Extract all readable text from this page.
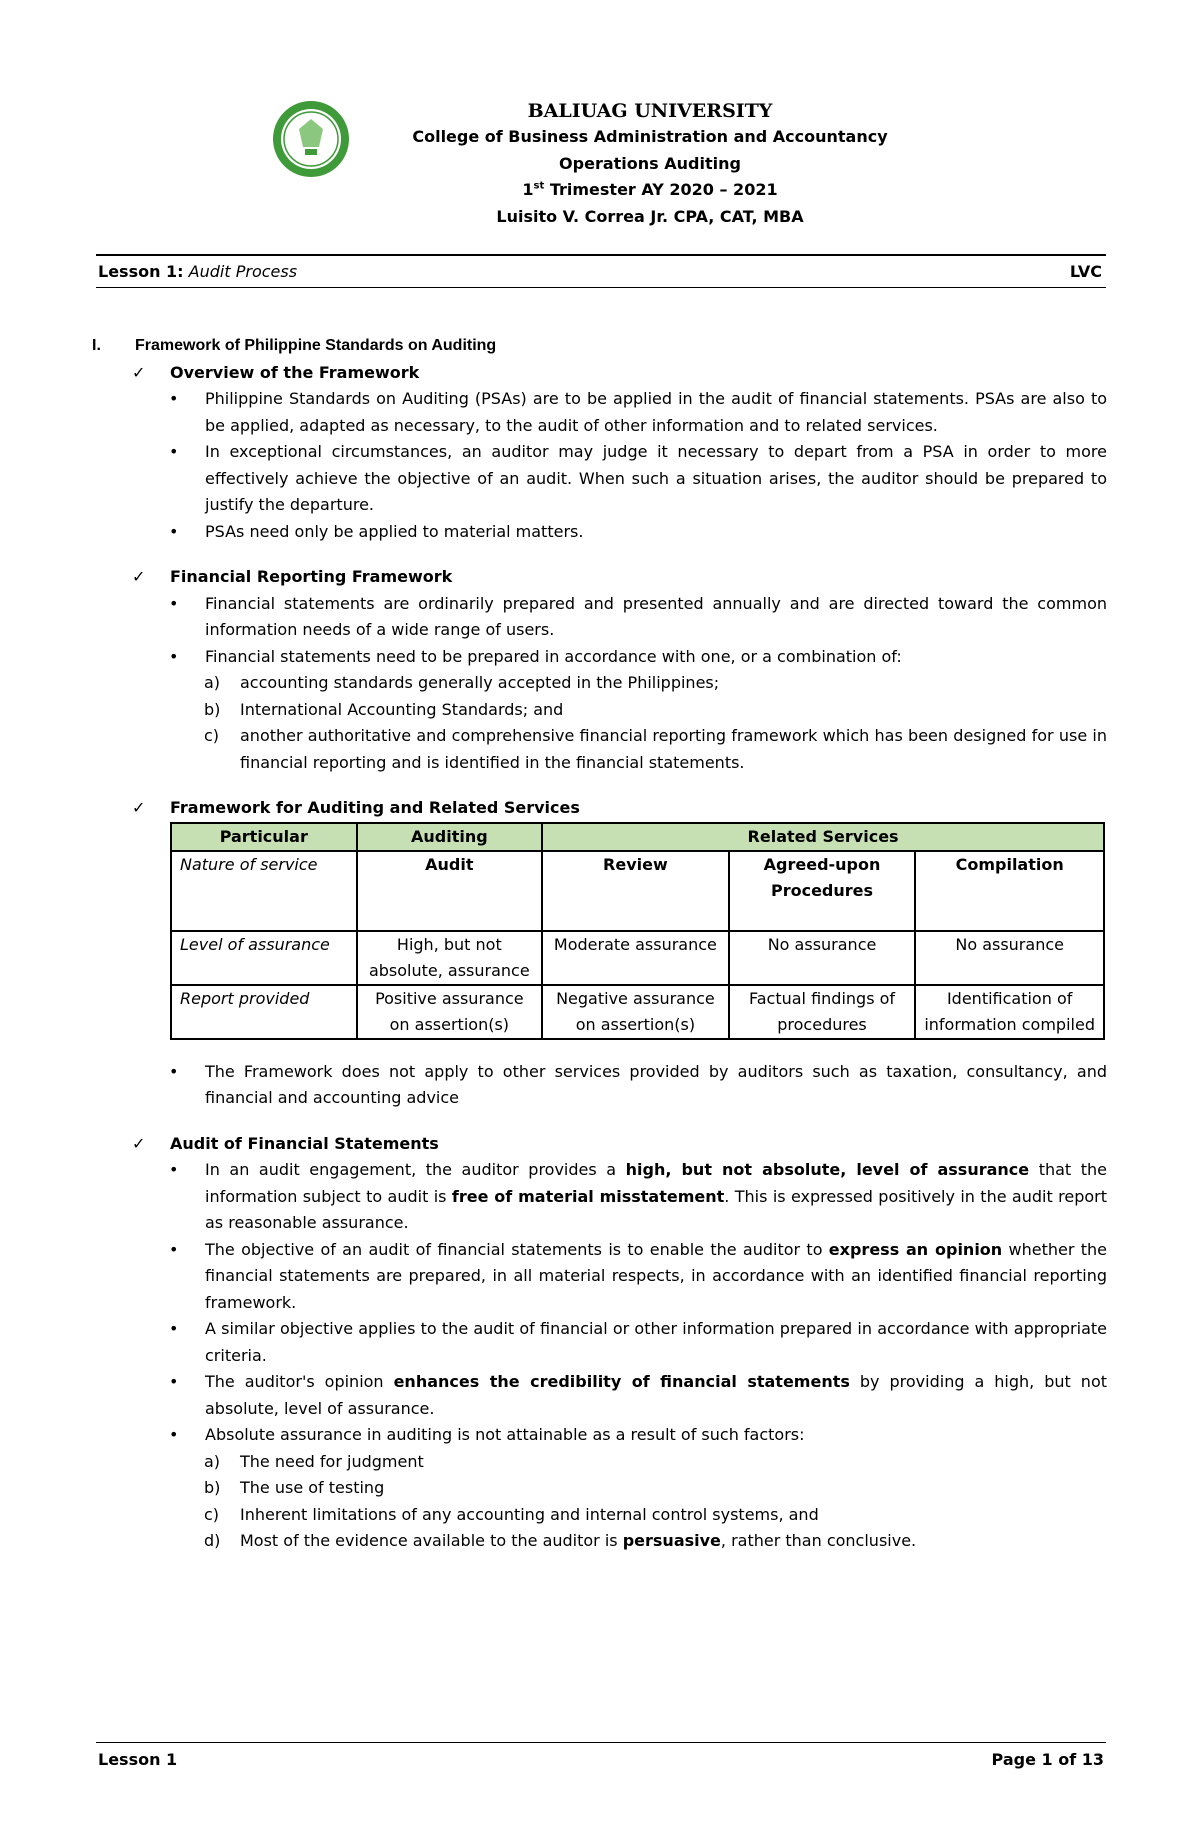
BALIUAG UNIVERSITY
College of Business Administration and Accountancy
Operations Auditing
1st Trimester AY 2020 – 2021
Luisito V. Correa Jr. CPA, CAT, MBA
Lesson 1: Audit Process	LVC
I. Framework of Philippine Standards on Auditing
✓ Overview of the Framework
• Philippine Standards on Auditing (PSAs) are to be applied in the audit of financial statements. PSAs are also to be applied, adapted as necessary, to the audit of other information and to related services.
• In exceptional circumstances, an auditor may judge it necessary to depart from a PSA in order to more effectively achieve the objective of an audit. When such a situation arises, the auditor should be prepared to justify the departure.
• PSAs need only be applied to material matters.
✓ Financial Reporting Framework
• Financial statements are ordinarily prepared and presented annually and are directed toward the common information needs of a wide range of users.
• Financial statements need to be prepared in accordance with one, or a combination of:
a) accounting standards generally accepted in the Philippines;
b) International Accounting Standards; and
c) another authoritative and comprehensive financial reporting framework which has been designed for use in financial reporting and is identified in the financial statements.
✓ Framework for Auditing and Related Services
Particular	Auditing	Related Services		
Nature of service	Audit	Review	Agreed-upon Procedures	Compilation
Level of assurance	High, but not absolute, assurance	Moderate assurance	No assurance	No assurance
Report provided	Positive assurance on assertion(s)	Negative assurance on assertion(s)	Factual findings of procedures	Identification of information compiled
• The Framework does not apply to other services provided by auditors such as taxation, consultancy, and financial and accounting advice
✓ Audit of Financial Statements
• In an audit engagement, the auditor provides a high, but not absolute, level of assurance that the information subject to audit is free of material misstatement. This is expressed positively in the audit report as reasonable assurance.
• The objective of an audit of financial statements is to enable the auditor to express an opinion whether the financial statements are prepared, in all material respects, in accordance with an identified financial reporting framework.
• A similar objective applies to the audit of financial or other information prepared in accordance with appropriate criteria.
• The auditor's opinion enhances the credibility of financial statements by providing a high, but not absolute, level of assurance.
• Absolute assurance in auditing is not attainable as a result of such factors:
a) The need for judgment
b) The use of testing
c) Inherent limitations of any accounting and internal control systems, and
d) Most of the evidence available to the auditor is persuasive, rather than conclusive.
Lesson 1	Page 1 of 13
